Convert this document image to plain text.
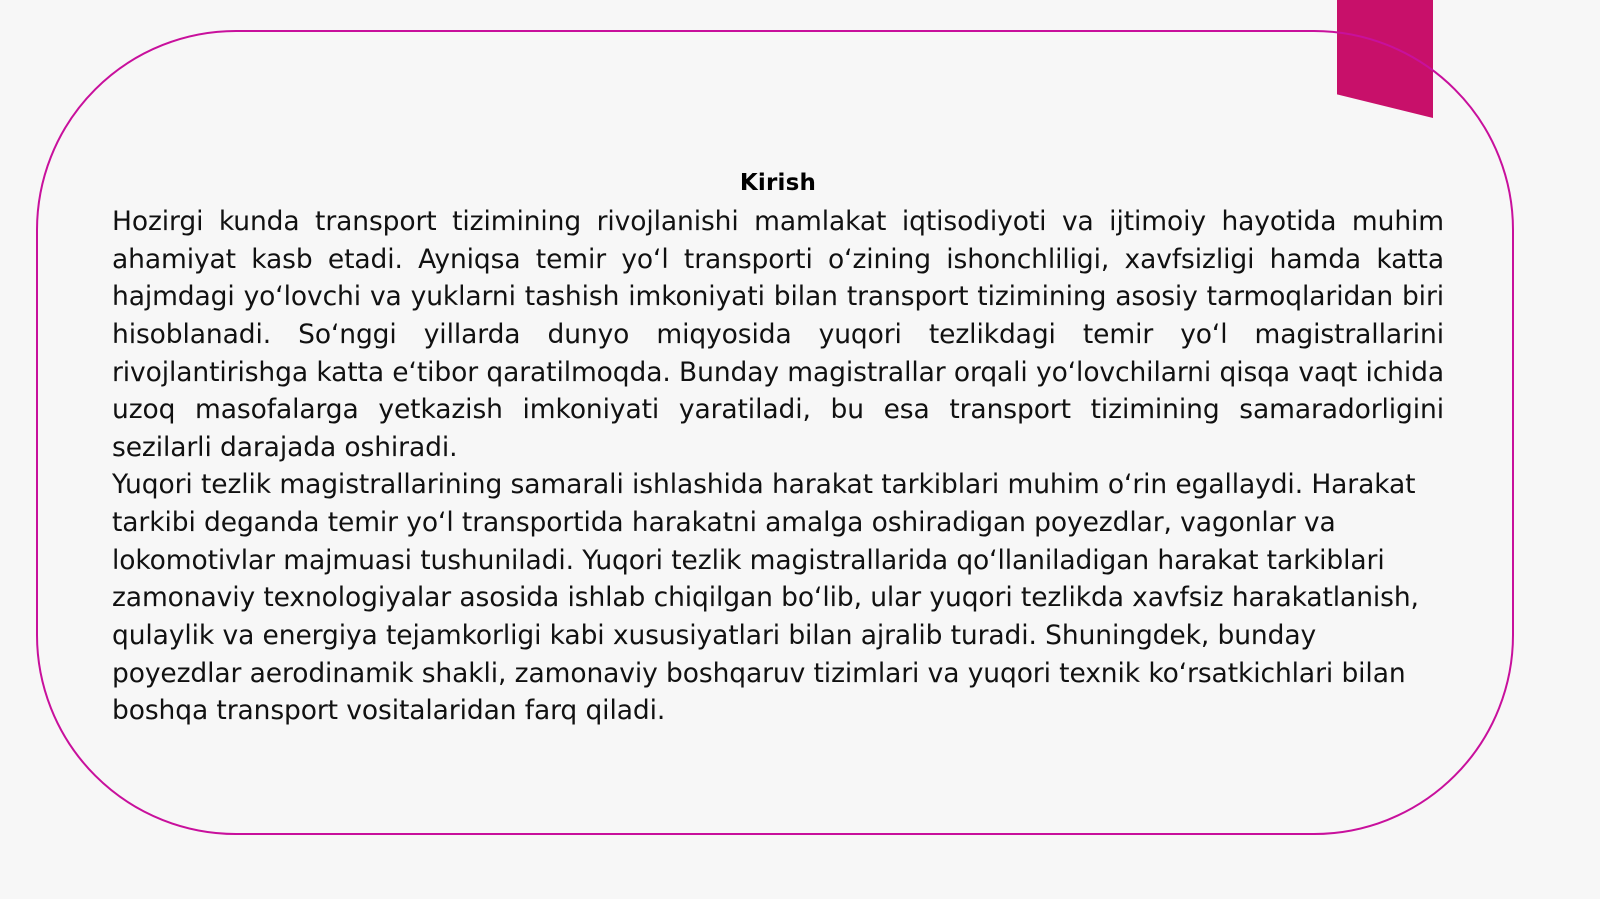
Kirish

Hozirgi kunda transport tizimining rivojlanishi mamlakat iqtisodiyoti va ijtimoiy hayotida muhim ahamiyat kasb etadi. Ayniqsa temir yo‘l transporti o‘zining ishonchliligi, xavfsizligi hamda katta hajmdagi yo‘lovchi va yuklarni tashish imkoniyati bilan transport tizimining asosiy tarmoqlaridan biri hisoblanadi. So‘nggi yillarda dunyo miqyosida yuqori tezlikdagi temir yo‘l magistrallarini rivojlantirishga katta e‘tibor qaratilmoqda. Bunday magistrallar orqali yo‘lovchilarni qisqa vaqt ichida uzoq masofalarga yetkazish imkoniyati yaratiladi, bu esa transport tizimining samaradorligini sezilarli darajada oshiradi.

Yuqori tezlik magistrallarining samarali ishlashida harakat tarkiblari muhim o‘rin egallaydi. Harakat tarkibi deganda temir yo‘l transportida harakatni amalga oshiradigan poyezdlar, vagonlar va lokomotivlar majmuasi tushuniladi. Yuqori tezlik magistrallarida qo‘llaniladigan harakat tarkiblari zamonaviy texnologiyalar asosida ishlab chiqilgan bo‘lib, ular yuqori tezlikda xavfsiz harakatlanish, qulaylik va energiya tejamkorligi kabi xususiyatlari bilan ajralib turadi. Shuningdek, bunday poyezdlar aerodinamik shakli, zamonaviy boshqaruv tizimlari va yuqori texnik ko‘rsatkichlari bilan boshqa transport vositalaridan farq qiladi.
